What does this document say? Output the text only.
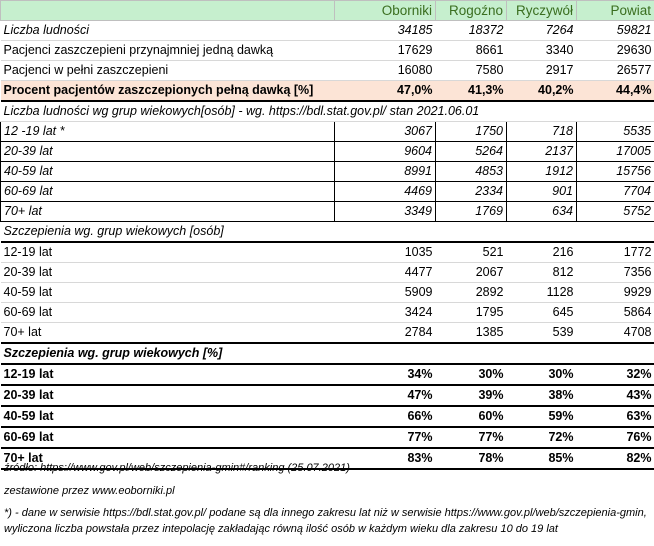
	Oborniki	Rogoźno	Ryczywół	Powiat
Liczba ludności	34185	18372	7264	59821
Pacjenci zaszczepieni przynajmniej jedną dawką	17629	8661	3340	29630
Pacjenci w pełni zaszczepieni	16080	7580	2917	26577
Procent pacjentów zaszczepionych pełną dawką [%]	47,0%	41,3%	40,2%	44,4%
Liczba ludności wg grup wiekowych[osób] - wg. https://bdl.stat.gov.pl/ stan 2021.06.01				
12 -19 lat *	3067	1750	718	5535
20-39 lat	9604	5264	2137	17005
40-59 lat	8991	4853	1912	15756
60-69 lat	4469	2334	901	7704
70+ lat	3349	1769	634	5752
Szczepienia wg. grup wiekowych [osób]				
12-19 lat	1035	521	216	1772
20-39 lat	4477	2067	812	7356
40-59 lat	5909	2892	1128	9929
60-69 lat	3424	1795	645	5864
70+ lat	2784	1385	539	4708
Szczepienia wg. grup wiekowych [%]				
12-19 lat	34%	30%	30%	32%
20-39 lat	47%	39%	38%	43%
40-59 lat	66%	60%	59%	63%
60-69 lat	77%	77%	72%	76%
70+ lat	83%	78%	85%	82%
źródło: https://www.gov.pl/web/szczepienia-gmin#/ranking (25.07.2021)
zestawione przez www.eoborniki.pl
*) - dane w serwisie https://bdl.stat.gov.pl/ podane są dla innego zakresu lat niż w serwisie https://www.gov.pl/web/szczepienia-gmin, wyliczona liczba powstała przez intepolację zakładając równą ilość osób w każdym wieku dla zakresu 10 do 19 lat
